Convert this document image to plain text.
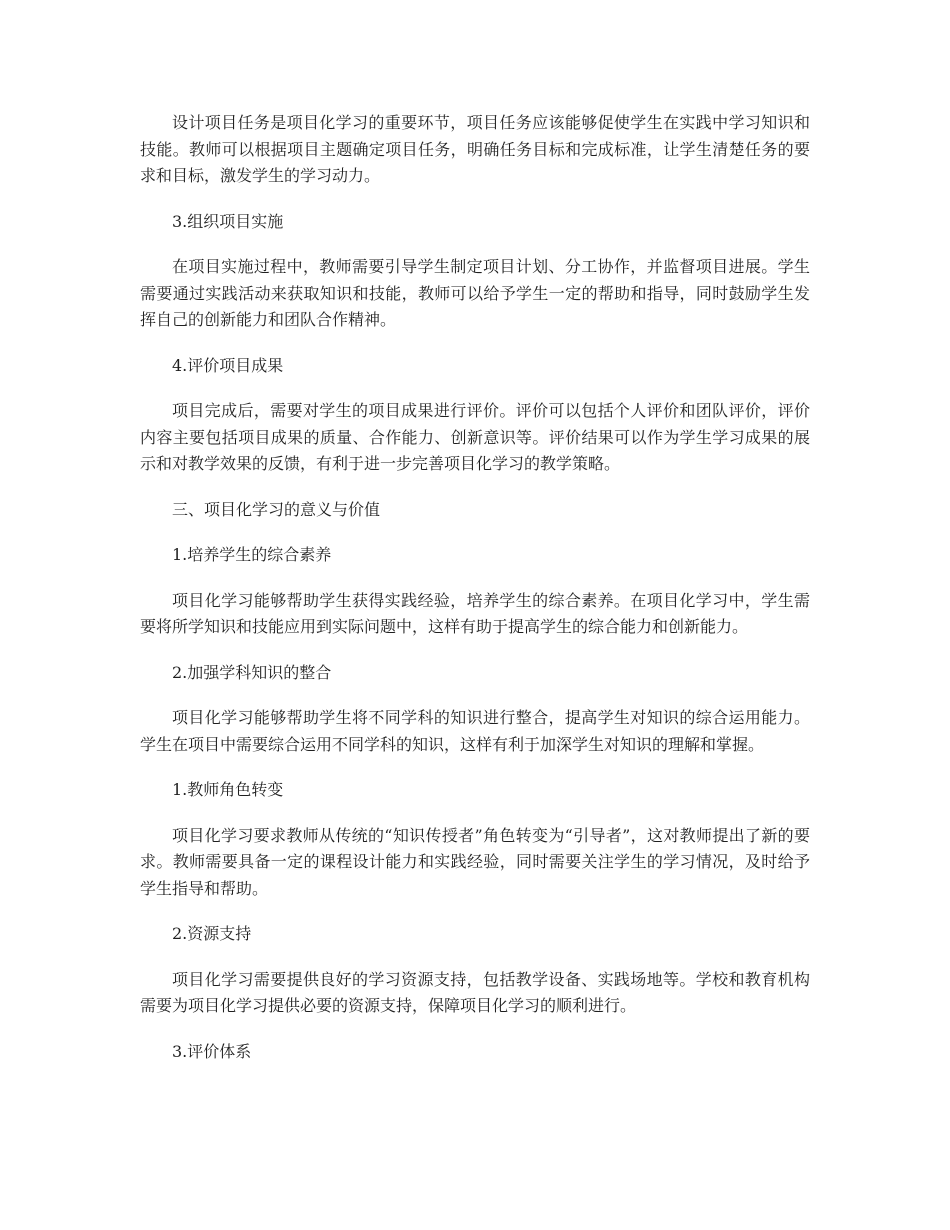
设计项目任务是项目化学习的重要环节，项目任务应该能够促使学生在实践中学习知识和技能。教师可以根据项目主题确定项目任务，明确任务目标和完成标准，让学生清楚任务的要求和目标，激发学生的学习动力。

3.组织项目实施

在项目实施过程中，教师需要引导学生制定项目计划、分工协作，并监督项目进展。学生需要通过实践活动来获取知识和技能，教师可以给予学生一定的帮助和指导，同时鼓励学生发挥自己的创新能力和团队合作精神。

4.评价项目成果

项目完成后，需要对学生的项目成果进行评价。评价可以包括个人评价和团队评价，评价内容主要包括项目成果的质量、合作能力、创新意识等。评价结果可以作为学生学习成果的展示和对教学效果的反馈，有利于进一步完善项目化学习的教学策略。

三、项目化学习的意义与价值

1.培养学生的综合素养

项目化学习能够帮助学生获得实践经验，培养学生的综合素养。在项目化学习中，学生需要将所学知识和技能应用到实际问题中，这样有助于提高学生的综合能力和创新能力。

2.加强学科知识的整合

项目化学习能够帮助学生将不同学科的知识进行整合，提高学生对知识的综合运用能力。学生在项目中需要综合运用不同学科的知识，这样有利于加深学生对知识的理解和掌握。

1.教师角色转变

项目化学习要求教师从传统的“知识传授者”角色转变为“引导者”，这对教师提出了新的要求。教师需要具备一定的课程设计能力和实践经验，同时需要关注学生的学习情况，及时给予学生指导和帮助。

2.资源支持

项目化学习需要提供良好的学习资源支持，包括教学设备、实践场地等。学校和教育机构需要为项目化学习提供必要的资源支持，保障项目化学习的顺利进行。

3.评价体系
